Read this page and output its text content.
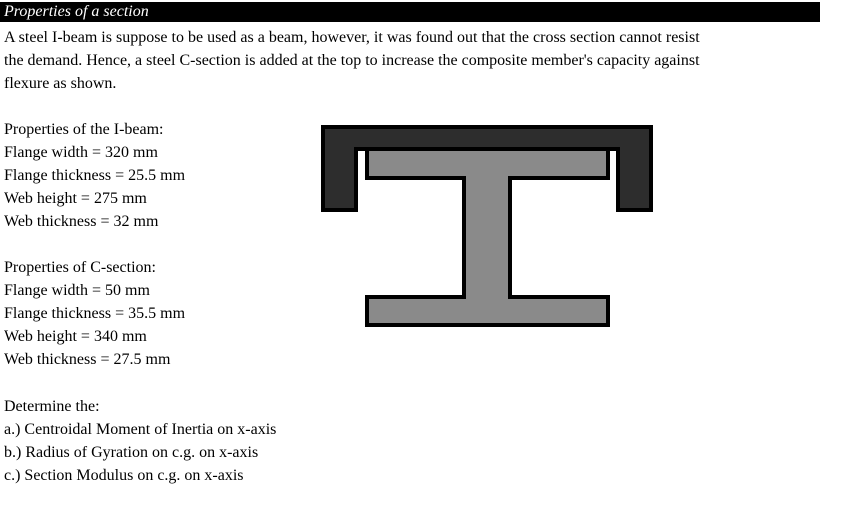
Properties of a section
A steel I-beam is suppose to be used as a beam, however, it was found out that the cross section cannot resist
the demand. Hence, a steel C-section is added at the top to increase the composite member's capacity against
flexure as shown.
Properties of the I-beam:
Flange width = 320 mm
Flange thickness = 25.5 mm
Web height = 275 mm
Web thickness = 32 mm
Properties of C-section:
Flange width = 50 mm
Flange thickness = 35.5 mm
Web height = 340 mm
Web thickness = 27.5 mm
Determine the:
a.) Centroidal Moment of Inertia on x-axis
b.) Radius of Gyration on c.g. on x-axis
c.) Section Modulus on c.g. on x-axis
